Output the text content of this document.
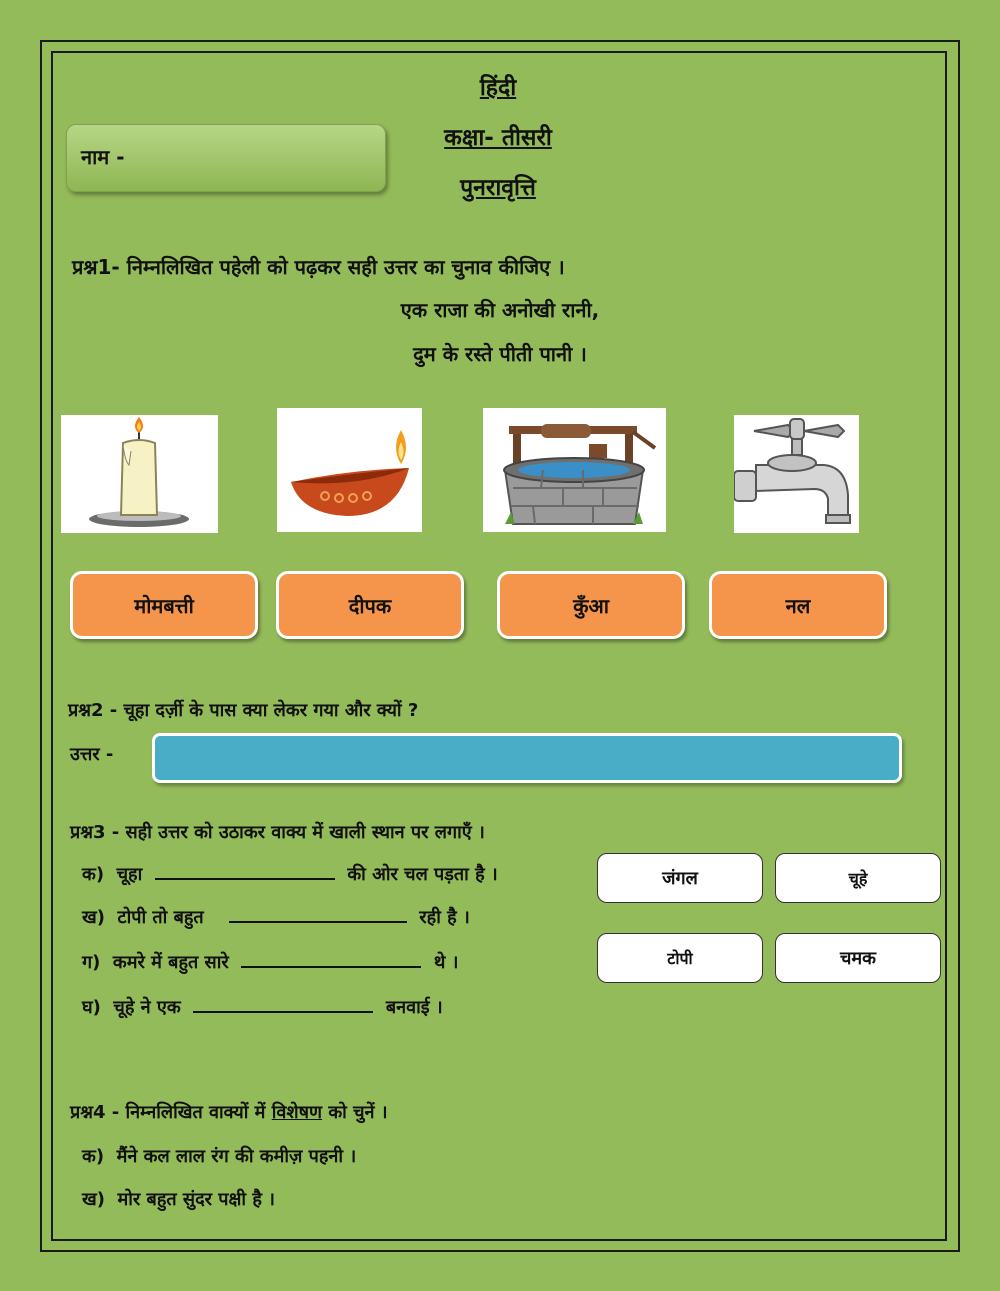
हिंदी
कक्षा- तीसरी
पुनरावृत्ति
नाम -
प्रश्न1- निम्नलिखित पहेली को पढ़कर सही उत्तर का चुनाव कीजिए ।
एक राजा की अनोखी रानी,
दुम के रस्ते पीती पानी ।
मोमबत्ती	दीपक	कुँआ	नल
प्रश्न2 - चूहा दर्ज़ी के पास क्या लेकर गया और क्यों ?
उत्तर -
प्रश्न3 - सही उत्तर को उठाकर वाक्य में खाली स्थान पर लगाएँ ।
क) चूहा	की ओर चल पड़ता है ।
ख) टोपी तो बहुत	रही है ।
ग) कमरे में बहुत सारे	थे ।
घ) चूहे ने एक	बनवाई ।
जंगल	चूहे
टोपी	चमक
प्रश्न4 - निम्नलिखित वाक्यों में विशेषण को चुनें ।
क) मैंने कल लाल रंग की कमीज़ पहनी ।
ख) मोर बहुत सुंदर पक्षी है ।
